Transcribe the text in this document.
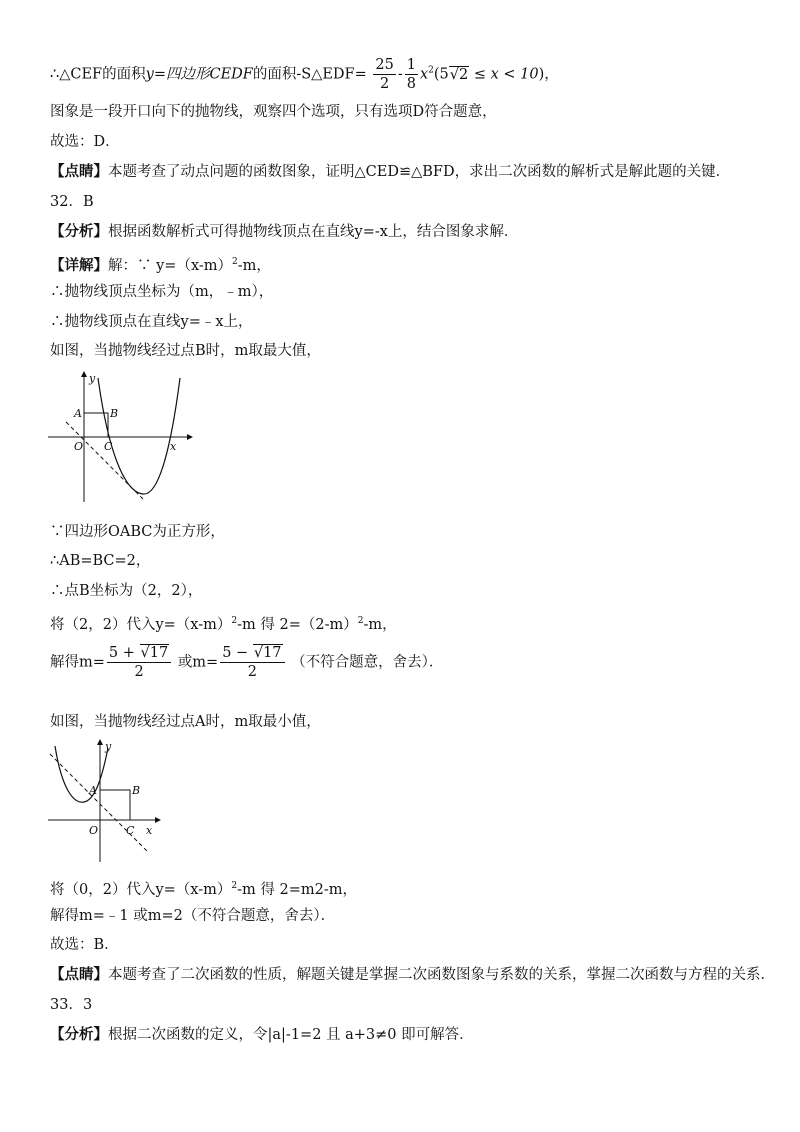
∴△CEF的面积y=四边形CEDF的面积-S△EDF= $\frac{25}{2} - \frac{1}{8} x^2(5√2 \le x < 10)$，
图象是一段开口向下的抛物线，观察四个选项，只有选项D符合题意，
故选：D．
【点睛】本题考查了动点问题的函数图象，证明△CED≌△BFD，求出二次函数的解析式是解此题的关键．
32．B
【分析】根据函数解析式可得抛物线顶点在直线y=-x上，结合图象求解．
【详解】解：∵ $y=(x-m)^2-m$，
∴抛物线顶点坐标为（m，﹣m），
∴抛物线顶点在直线y=﹣x上，
如图，当抛物线经过点B时，m取最大值，
y
A	B
O C	x
∵四边形OABC为正方形，
∴AB=BC=2，
∴点B坐标为（2，2），
将（2，2）代入$y=(x-m)^2-m$ 得 $2=(2-m)^2-m$，
解得$m= \frac{5 + √17}{2}$ 或$m= \frac{5 - √17}{2}$ （不符合题意，舍去）．
如图，当抛物线经过点A时，m取最小值，
y
A	B
O	C x
将（0，2）代入$y=(x-m)^2-m$ 得 2=m2-m，
解得m=﹣1 或m=2（不符合题意，舍去）．
故选：B．
【点睛】本题考查了二次函数的性质，解题关键是掌握二次函数图象与系数的关系，掌握二次函数与方程的关系．
33．3
【分析】根据二次函数的定义，令|a|-1=2 且 a+3≠0 即可解答．
